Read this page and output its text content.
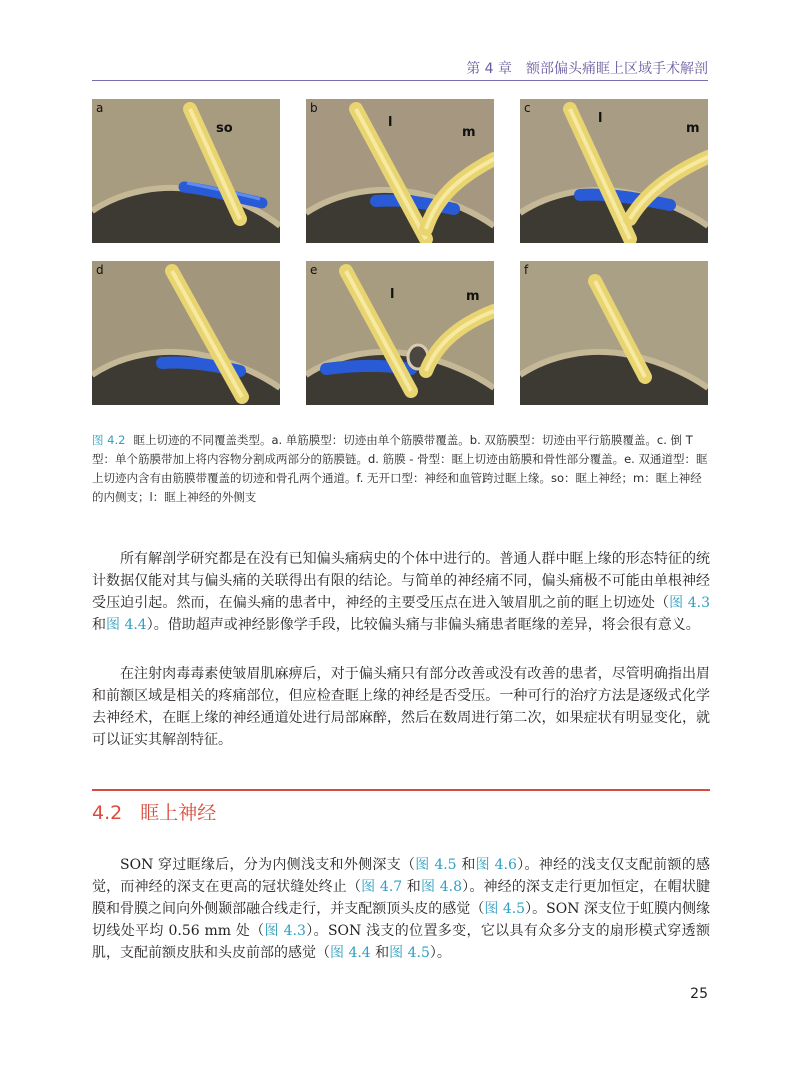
第 4 章　额部偏头痛眶上区域手术解剖
a
so
b
l
m
c
l
m
d	e
l	m
f
图 4.2 眶上切迹的不同覆盖类型。a. 单筋膜型：切迹由单个筋膜带覆盖。b. 双筋膜型：切迹由平行筋膜覆盖。c. 倒 T 型：单个筋膜带加上将内容物分割成两部分的筋膜链。d. 筋膜 - 骨型：眶上切迹由筋膜和骨性部分覆盖。e. 双通道型：眶上切迹内含有由筋膜带覆盖的切迹和骨孔两个通道。f. 无开口型：神经和血管跨过眶上缘。so：眶上神经；m：眶上神经的内侧支；l：眶上神经的外侧支
所有解剖学研究都是在没有已知偏头痛病史的个体中进行的。普通人群中眶上缘的形态特征的统计数据仅能对其与偏头痛的关联得出有限的结论。与简单的神经痛不同，偏头痛极不可能由单根神经受压迫引起。然而，在偏头痛的患者中，神经的主要受压点在进入皱眉肌之前的眶上切迹处（图 4.3 和图 4.4）。借助超声或神经影像学手段，比较偏头痛与非偏头痛患者眶缘的差异，将会很有意义。
在注射肉毒毒素使皱眉肌麻痹后，对于偏头痛只有部分改善或没有改善的患者，尽管明确指出眉和前额区域是相关的疼痛部位，但应检查眶上缘的神经是否受压。一种可行的治疗方法是逐级式化学去神经术，在眶上缘的神经通道处进行局部麻醉，然后在数周进行第二次，如果症状有明显变化，就可以证实其解剖特征。
4.2 眶上神经
SON 穿过眶缘后，分为内侧浅支和外侧深支（图 4.5 和图 4.6）。神经的浅支仅支配前额的感觉，而神经的深支在更高的冠状缝处终止（图 4.7 和图 4.8）。神经的深支走行更加恒定，在帽状腱膜和骨膜之间向外侧颞部融合线走行，并支配额顶头皮的感觉（图 4.5）。SON 深支位于虹膜内侧缘切线处平均 0.56 mm 处（图 4.3）。SON 浅支的位置多变，它以具有众多分支的扇形模式穿透额肌，支配前额皮肤和头皮前部的感觉（图 4.4 和图 4.5）。
25
